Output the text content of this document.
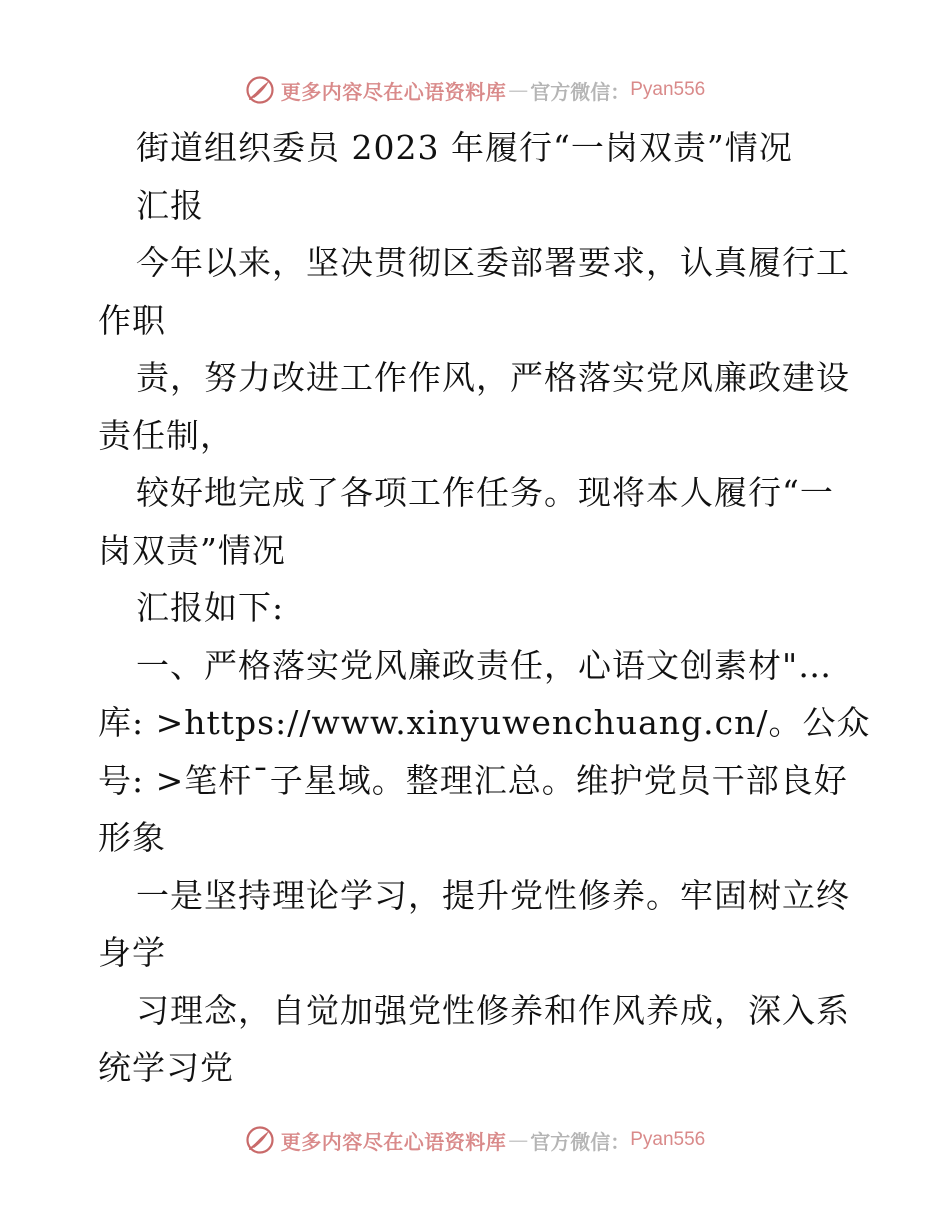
更多内容尽在心语资料库 — 官方微信： Pyan556
街道组织委员 2023 年履行“一岗双责”情况
汇报
今年以来，坚决贯彻区委部署要求，认真履行工
作职
责，努力改进工作作风，严格落实党风廉政建设
责任制，
较好地完成了各项工作任务。现将本人履行“一
岗双责”情况
汇报如下:
一、严格落实党风廉政责任，心语文创素材"…
库: >https://www.xinyuwenchuang.cn/。公众
号: >笔杆¯子星域。整理汇总。维护党员干部良好
形象
一是坚持理论学习，提升党性修养。牢固树立终
身学
习理念，自觉加强党性修养和作风养成，深入系
统学习党
更多内容尽在心语资料库 — 官方微信： Pyan556
